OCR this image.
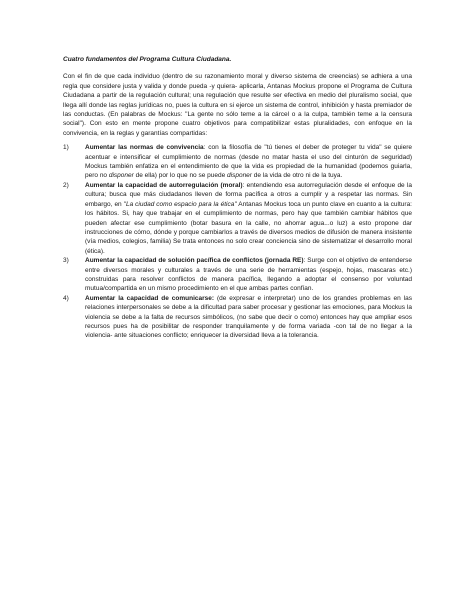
Cuatro fundamentos del Programa Cultura Ciudadana.

Con el fin de que cada individuo (dentro de su razonamiento moral y diverso sistema de creencias) se adhiera a una regla que considere justa y valida y donde pueda -y quiera- aplicarla, Antanas Mockus propone el Programa de Cultura Ciudadana a partir de la regulación cultural; una regulación que resulte ser efectiva en medio del pluralismo social, que llega allí donde las reglas jurídicas no, pues la cultura en si ejerce un sistema de control, inhibición y hasta premiador de las conductas. (En palabras de Mockus: "La gente no sólo teme a la cárcel o a la culpa, también teme a la censura social"). Con esto en mente propone cuatro objetivos para compatibilizar estas pluralidades, con enfoque en la convivencia, en la reglas y garantías compartidas:

1) Aumentar las normas de convivencia: con la filosofía de "tú tienes el deber de proteger tu vida" se quiere acentuar e intensificar el cumplimiento de normas (desde no matar hasta el uso del cinturón de seguridad) Mockus también enfatiza en el entendimiento de que la vida es propiedad de la humanidad (podemos guiarla, pero no disponer de ella) por lo que no se puede disponer de la vida de otro ni de la tuya.
2) Aumentar la capacidad de autorregulación (moral): entendiendo esa autorregulación desde el enfoque de la cultura; busca que más ciudadanos lleven de forma pacífica a otros a cumplir y a respetar las normas. Sin embargo, en "La ciudad como espacio para la ética" Antanas Mockus toca un punto clave en cuanto a la cultura: los hábitos. Si, hay que trabajar en el cumplimiento de normas, pero hay que también cambiar hábitos que pueden afectar ese cumplimiento (botar basura en la calle, no ahorrar agua...o luz) a esto propone dar instrucciones de cómo, dónde y porque cambiarlos a través de diversos medios de difusión de manera insistente (vía medios, colegios, familia) Se trata entonces no solo crear conciencia sino de sistematizar el desarrollo moral (ética).
3) Aumentar la capacidad de solución pacífica de conflictos (jornada RE): Surge con el objetivo de entenderse entre diversos morales y culturales a través de una serie de herramientas (espejo, hojas, mascaras etc.) construidas para resolver conflictos de manera pacífica, llegando a adoptar el consenso por voluntad mutua/compartida en un mismo procedimiento en el que ambas partes confían.
4) Aumentar la capacidad de comunicarse: (de expresar e interpretar) uno de los grandes problemas en las relaciones interpersonales se debe a la dificultad para saber procesar y gestionar las emociones, para Mockus la violencia se debe a la falta de recursos simbólicos, (no sabe que decir o como) entonces hay que ampliar esos recursos pues ha de posibilitar de responder tranquilamente y de forma variada -con tal de no llegar a la violencia- ante situaciones conflicto; enriquecer la diversidad lleva a la tolerancia.
